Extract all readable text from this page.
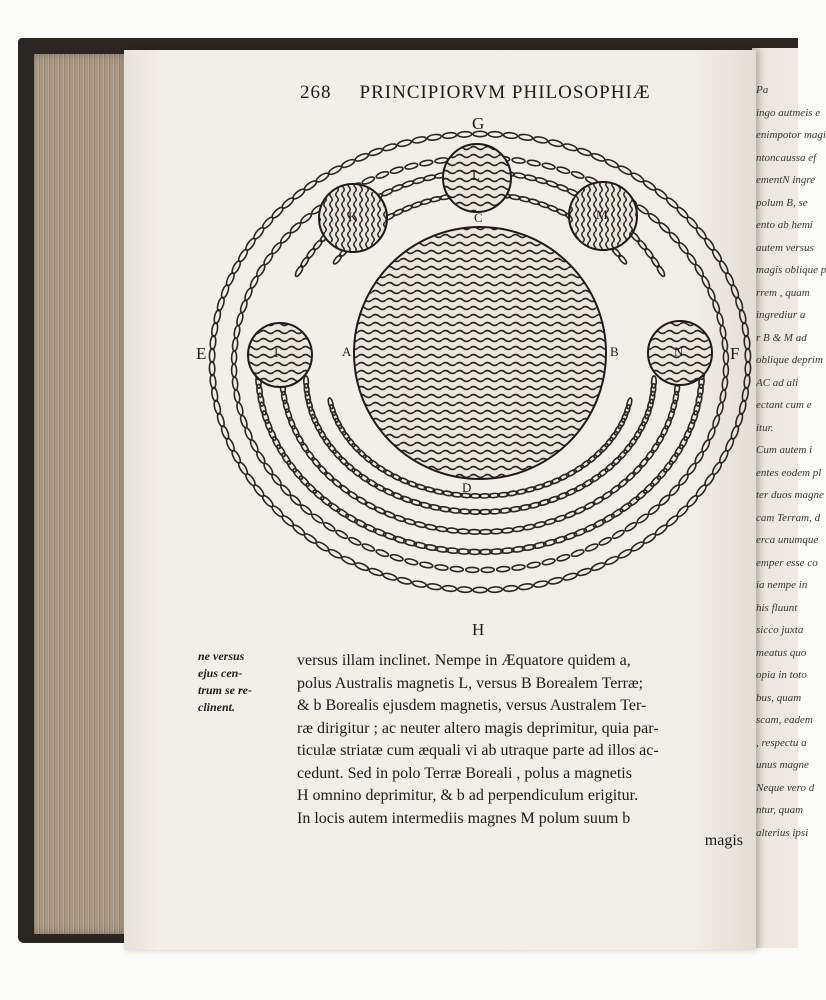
Pa
ingo autmeis e
enimpotor magi
ntoncaussa ef
ementN ingre
polum B, se
ento ab hemi
autem versus
magis oblique p
rrem , quam
ingrediur a
r B & M ad
oblique deprim
AC ad ali
ectant cum e
itur.
Cum autem i
entes eodem pl
ter duos magne
cam Terram, d
erca unumque
emper esse co
ia nempe in
his fluunt
sicco juxta
meatus quo
opia in toto
bus, quam
scam, eadem
, respectu a
unus magne
Neque vero d
ntur, quam
alterius ipsi
268 PRINCIPIORVM PHILOSOPHIÆ
G
H
E	F
C
D
A	B
I	N
L
K	M
ne versus
ejus cen-
trum se re-
clinent.
versus illam inclinet. Nempe in Æquatore quidem a,
polus Australis magnetis L, versus B Borealem Terræ;
& b Borealis ejusdem magnetis, versus Australem Ter-
ræ dirigitur ; ac neuter altero magis deprimitur, quia par-
ticulæ striatæ cum æquali vi ab utraque parte ad illos ac-
cedunt. Sed in polo Terræ Boreali , polus a magnetis
H omnino deprimitur, & b ad perpendiculum erigitur.
In locis autem intermediis magnes M polum suum b
magis
